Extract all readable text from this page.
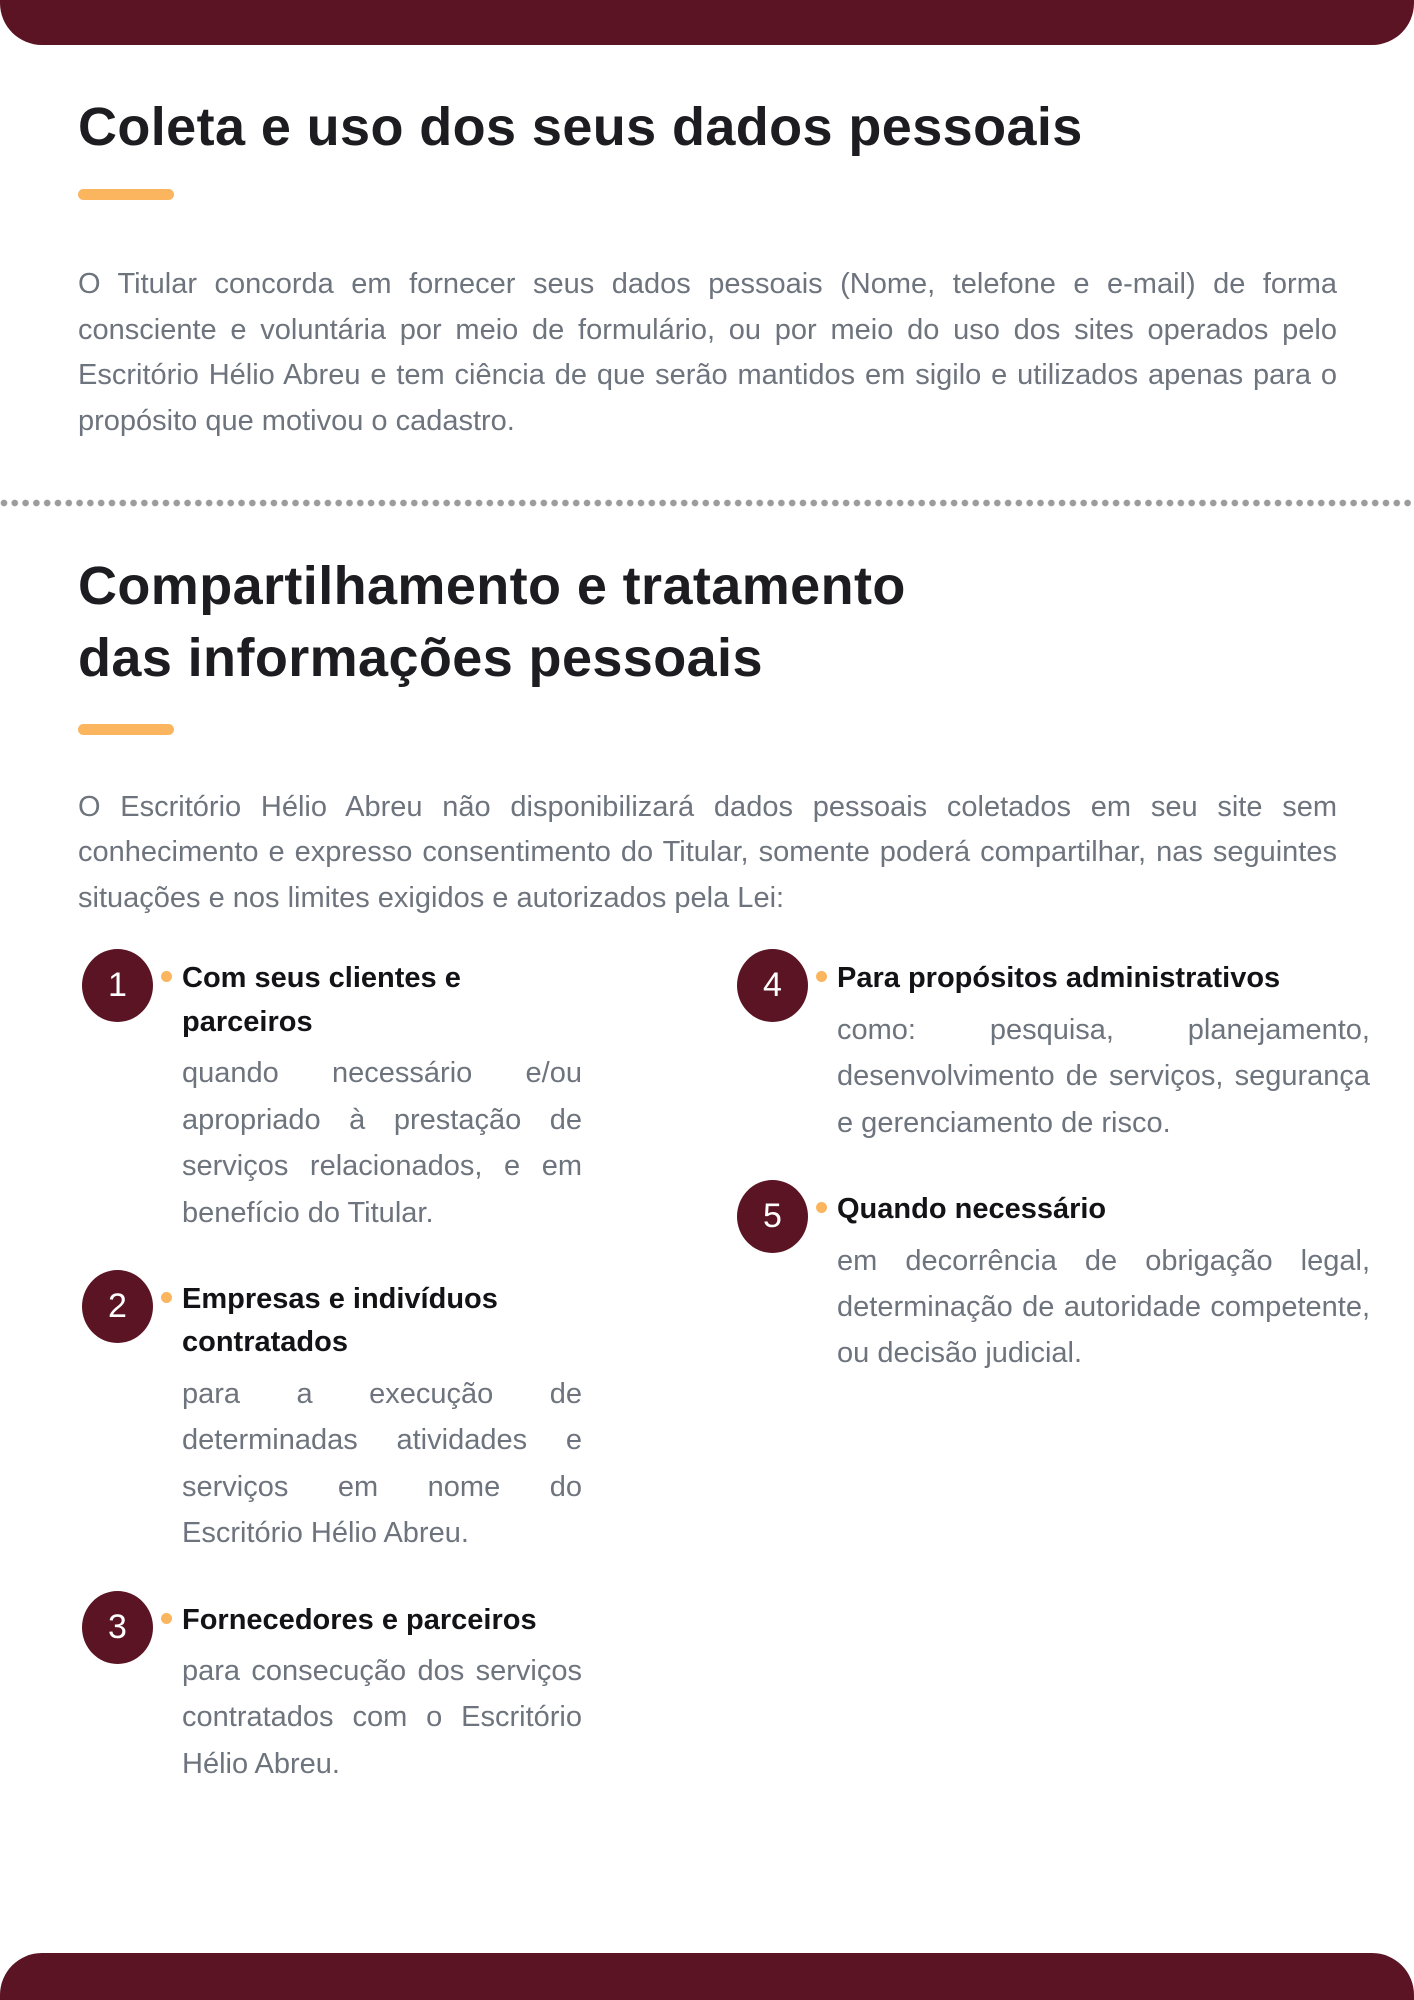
Coleta e uso dos seus dados pessoais

O Titular concorda em fornecer seus dados pessoais (Nome, telefone e e-mail) de forma consciente e voluntária por meio de formulário, ou por meio do uso dos sites operados pelo Escritório Hélio Abreu e tem ciência de que serão mantidos em sigilo e utilizados apenas para o propósito que motivou o cadastro.

Compartilhamento e tratamento das informações pessoais

O Escritório Hélio Abreu não disponibilizará dados pessoais coletados em seu site sem conhecimento e expresso consentimento do Titular, somente poderá compartilhar, nas seguintes situações e nos limites exigidos e autorizados pela Lei:

1	Com seus clientes e parceiros
quando necessário e/ou apropriado à prestação de serviços relacionados, e em benefício do Titular.
2	Empresas e indivíduos contratados
para a execução de determinadas atividades e serviços em nome do Escritório Hélio Abreu.
3	Fornecedores e parceiros
para consecução dos serviços contratados com o Escritório Hélio Abreu.
4	Para propósitos administrativos
como: pesquisa, planejamento, desenvolvimento de serviços, segurança e gerenciamento de risco.
5	Quando necessário
em decorrência de obrigação legal, determinação de autoridade competente, ou decisão judicial.
